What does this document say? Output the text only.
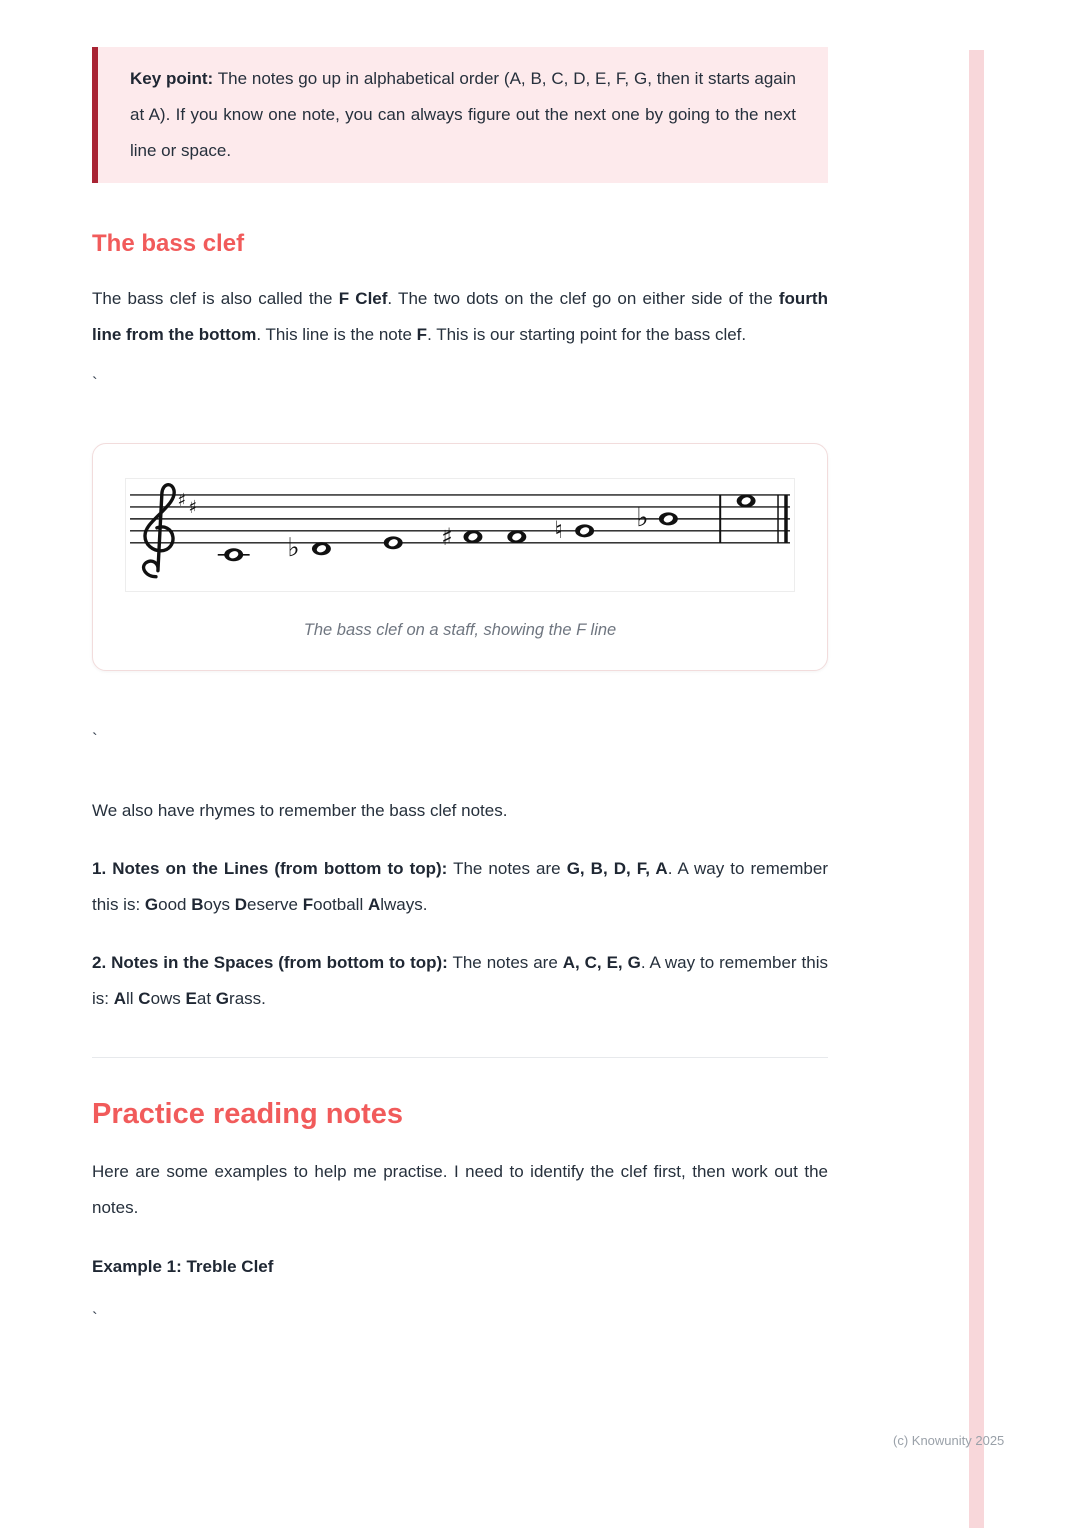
Key point: The notes go up in alphabetical order (A, B, C, D, E, F, G, then it starts again at A). If you know one note, you can always figure out the next one by going to the next line or space.
The bass clef

The bass clef is also called the F Clef. The two dots on the clef go on either side of the fourth line from the bottom. This line is the note F. This is our starting point for the bass clef.

`
♯ ♯
♭	♯	♮	♭
The bass clef on a staff, showing the F line
`

We also have rhymes to remember the bass clef notes.

1. Notes on the Lines (from bottom to top): The notes are G, B, D, F, A. A way to remember this is: Good Boys Deserve Football Always.

2. Notes in the Spaces (from bottom to top): The notes are A, C, E, G. A way to remember this is: All Cows Eat Grass.

Practice reading notes

Here are some examples to help me practise. I need to identify the clef first, then work out the notes.

Example 1: Treble Clef
`
(c) Knowunity 2025
